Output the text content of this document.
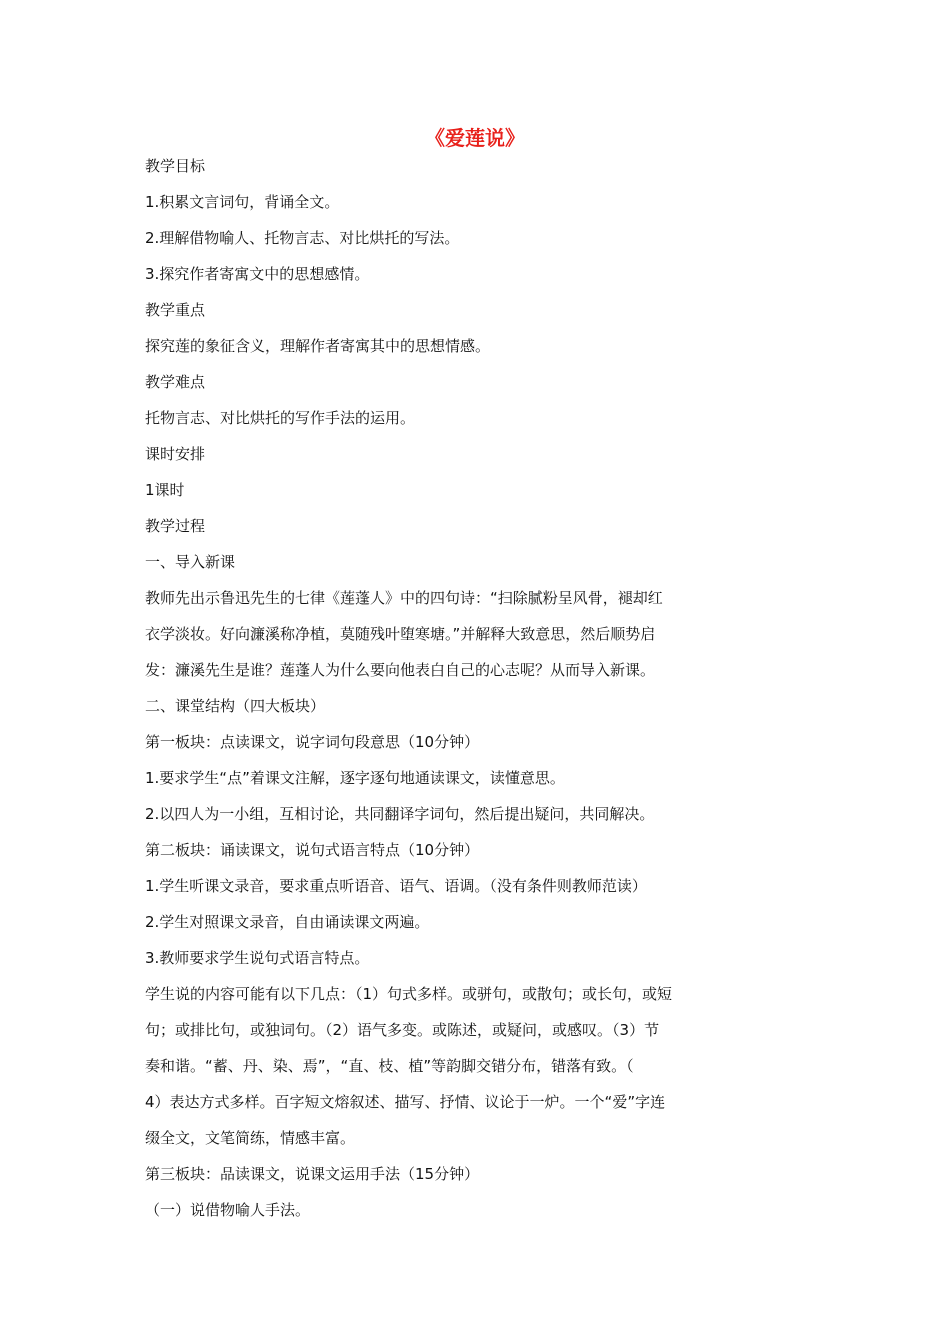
《爱莲说》
教学目标
1.积累文言词句，背诵全文。
2.理解借物喻人、托物言志、对比烘托的写法。
3.探究作者寄寓文中的思想感情。
教学重点
探究莲的象征含义，理解作者寄寓其中的思想情感。
教学难点
托物言志、对比烘托的写作手法的运用。
课时安排
1课时
教学过程
一、导入新课
教师先出示鲁迅先生的七律《莲蓬人》中的四句诗：“扫除腻粉呈风骨，褪却红
衣学淡妆。好向濂溪称净植，莫随残叶堕寒塘。”并解释大致意思，然后顺势启
发：濂溪先生是谁？莲蓬人为什么要向他表白自己的心志呢？从而导入新课。
二、课堂结构（四大板块）
第一板块：点读课文，说字词句段意思（10分钟）
1.要求学生“点”着课文注解，逐字逐句地通读课文，读懂意思。
2.以四人为一小组，互相讨论，共同翻译字词句，然后提出疑问，共同解决。
第二板块：诵读课文，说句式语言特点（10分钟）
1.学生听课文录音，要求重点听语音、语气、语调。（没有条件则教师范读）
2.学生对照课文录音，自由诵读课文两遍。
3.教师要求学生说句式语言特点。
学生说的内容可能有以下几点：（1）句式多样。或骈句，或散句；或长句，或短
句；或排比句，或独词句。（2）语气多变。或陈述，或疑问，或感叹。（3）节
奏和谐。“蓄、丹、染、焉”，“直、枝、植”等韵脚交错分布，错落有致。（
4）表达方式多样。百字短文熔叙述、描写、抒情、议论于一炉。一个“爱”字连
缀全文，文笔简练，情感丰富。
第三板块：品读课文，说课文运用手法（15分钟）
（一）说借物喻人手法。
